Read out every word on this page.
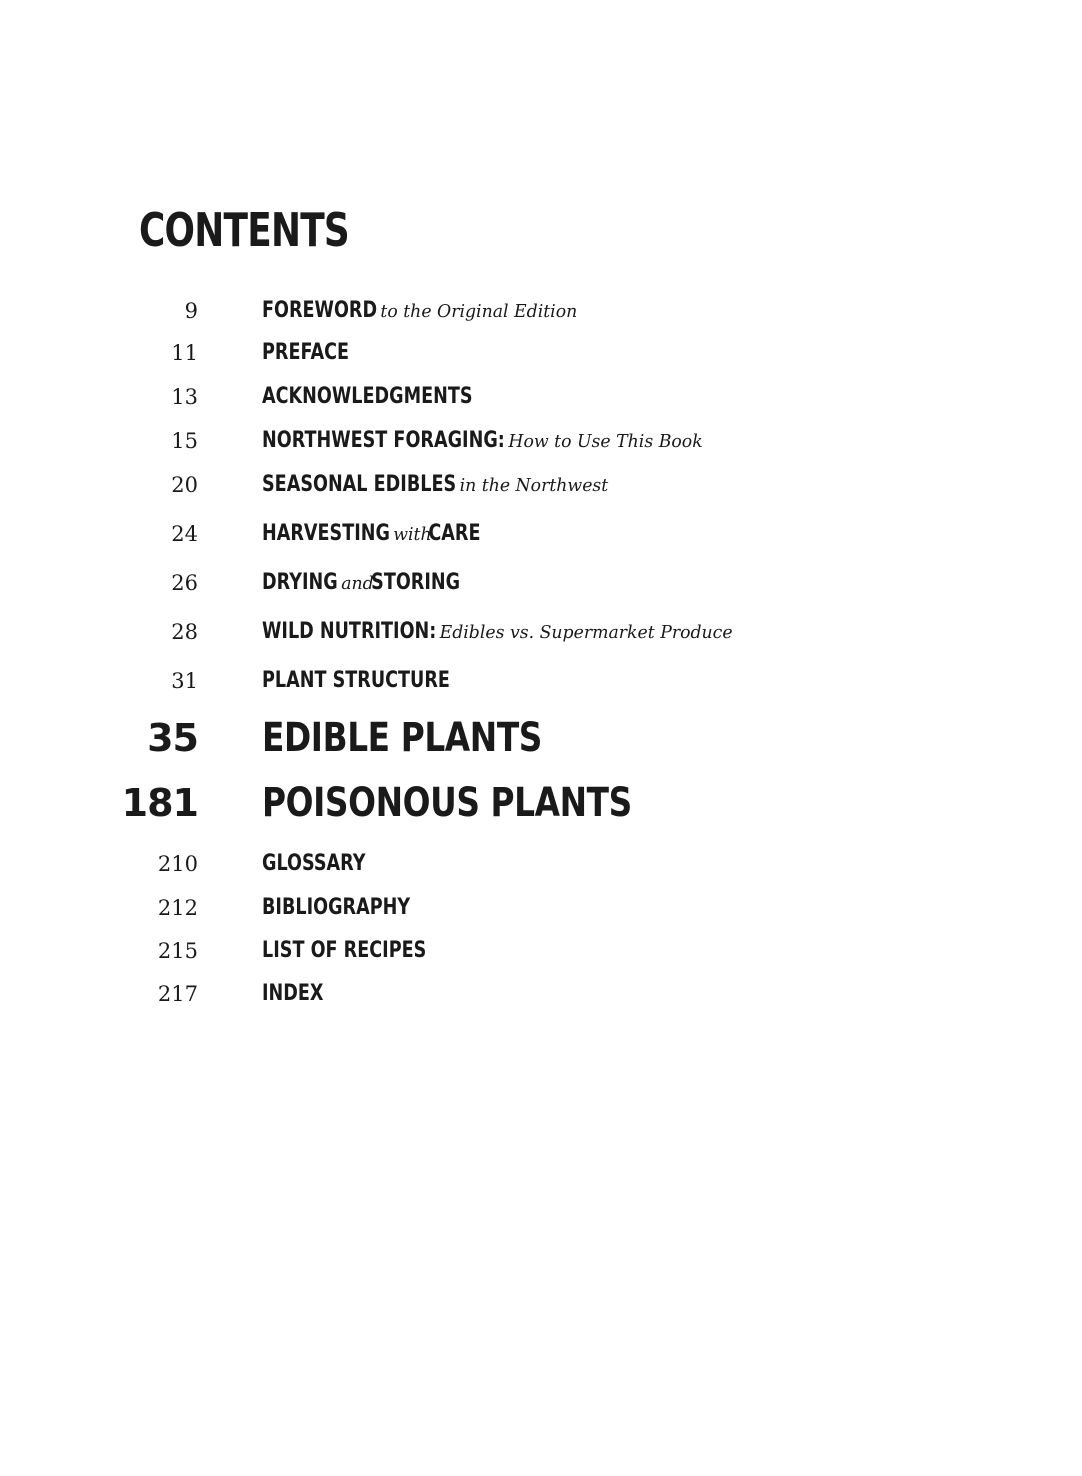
CONTENTS
9	FOREWORD to the Original Edition
11	PREFACE
13	ACKNOWLEDGMENTS
15	NORTHWEST FORAGING: How to Use This Book
20	SEASONAL EDIBLES in the Northwest
24	HARVESTING with CARE
26	DRYING and STORING
28	WILD NUTRITION: Edibles vs. Supermarket Produce
31	PLANT STRUCTURE
35 EDIBLE PLANTS
181 POISONOUS PLANTS
210	GLOSSARY
212	BIBLIOGRAPHY
215	LIST OF RECIPES
217	INDEX
